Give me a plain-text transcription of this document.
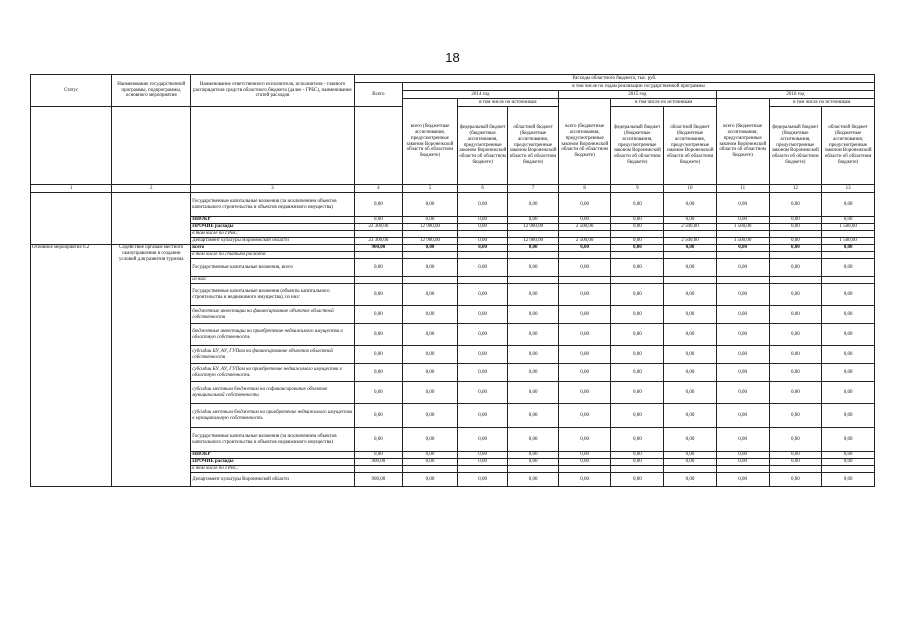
18
Статус	Наименование государственной программы, подпрограммы, основного мероприятия	Наименование ответственного исполнителя, исполнителя - главного распорядителя средств областного бюджета (далее - ГРБС), наименование статей расходов	Расходы областного бюджета, тыс. руб.									
			Всего	в том числе по годам реализации государственной программы								
				2014 год			2015 год			2016 год		
				всего (бюджетные ассигнования, предусмотренные законом Воронежской области об областном бюджете)	в том числе по источникам		всего (бюджетные ассигнования, предусмотренные законом Воронежской области об областном бюджете)	в том числе по источникам		всего (бюджетные ассигнования, предусмотренные законом Воронежской области об областном бюджете)	в том числе по источникам	
					федеральный бюджет (бюджетные ассигнования, предусмотренные законом Воронежской области об областном бюджете)	областной бюджет (бюджетные ассигнования, предусмотренные законом Воронежской области об областном бюджете)		федеральный бюджет (бюджетные ассигнования, предусмотренные законом Воронежской области об областном бюджете)	областной бюджет (бюджетные ассигнования, предусмотренные законом Воронежской области об областном бюджете)		федеральный бюджет (бюджетные ассигнования, предусмотренные законом Воронежской области об областном бюджете)	областной бюджет (бюджетные ассигнования, предусмотренные законом Воронежской области об областном бюджете)
1	2	3	4	5	6	7	8	9	10	11	12	13
		Государственные капитальные вложения (за исключением объектов капитального строительства и объектов недвижимого имущества)	0,00	0,00	0,00	0,00	0,00	0,00	0,00	0,00	0,00	0,00
		НИОКР	0,00	0,00	0,00	0,00	0,00	0,00	0,00	0,00	0,00	0,00
		ПРОЧИЕ расходы	22 300,00	12 900,00	0,00	12 900,00	2 500,00	0,00	2 500,00	1 500,00	0,00	1 500,00
		в том числе по ГРБС:										
		Департамент культуры Воронежской области	23 300,00	12 900,00	0,00	12 900,00	2 500,00	0,00	2 500,00	1 500,00	0,00	1 500,00
Основное мероприятие 6.2	Содействие органам местного самоуправления в создании условий для развития туризма	всего	900,00	0,00	0,00	0,00	0,00	0,00	0,00	0,00	0,00	0,00
		в том числе по статьям расходов:										
		Государственные капитальные вложения, всего	0,00	0,00	0,00	0,00	0,00	0,00	0,00	0,00	0,00	0,00
		из них:										
		Государственные капитальные вложения (объекты капитального строительства и недвижимого имущества), из них:	0,00	0,00	0,00	0,00	0,00	0,00	0,00	0,00	0,00	0,00
		бюджетные инвестиции на финансирование объектов областной собственности	0,00	0,00	0,00	0,00	0,00	0,00	0,00	0,00	0,00	0,00
		бюджетные инвестиции на приобретение недвижимого имущества в областную собственность	0,00	0,00	0,00	0,00	0,00	0,00	0,00	0,00	0,00	0,00
		субсидии БУ, АУ, ГУПам на финансирование объектов областной собственности	0,00	0,00	0,00	0,00	0,00	0,00	0,00	0,00	0,00	0,00
		субсидии БУ, АУ, ГУПам на приобретение недвижимого имущества в областную собственность	0,00	0,00	0,00	0,00	0,00	0,00	0,00	0,00	0,00	0,00
		субсидии местным бюджетам на софинансирование объектов муниципальной собственности	0,00	0,00	0,00	0,00	0,00	0,00	0,00	0,00	0,00	0,00
		субсидии местным бюджетам на приобретение недвижимого имущества в муниципальную собственность	0,00	0,00	0,00	0,00	0,00	0,00	0,00	0,00	0,00	0,00
		Государственные капитальные вложения (за исключением объектов капитального строительства и объектов недвижимого имущества)	0,00	0,00	0,00	0,00	0,00	0,00	0,00	0,00	0,00	0,00
		НИОКР	0,00	0,00	0,00	0,00	0,00	0,00	0,00	0,00	0,00	0,00
		ПРОЧИЕ расходы	900,00	0,00	0,00	0,00	0,00	0,00	0,00	0,00	0,00	0,00
		в том числе по ГРБС:										
		Департамент культуры Воронежской области	900,00	0,00	0,00	0,00	0,00	0,00	0,00	0,00	0,00	0,00
